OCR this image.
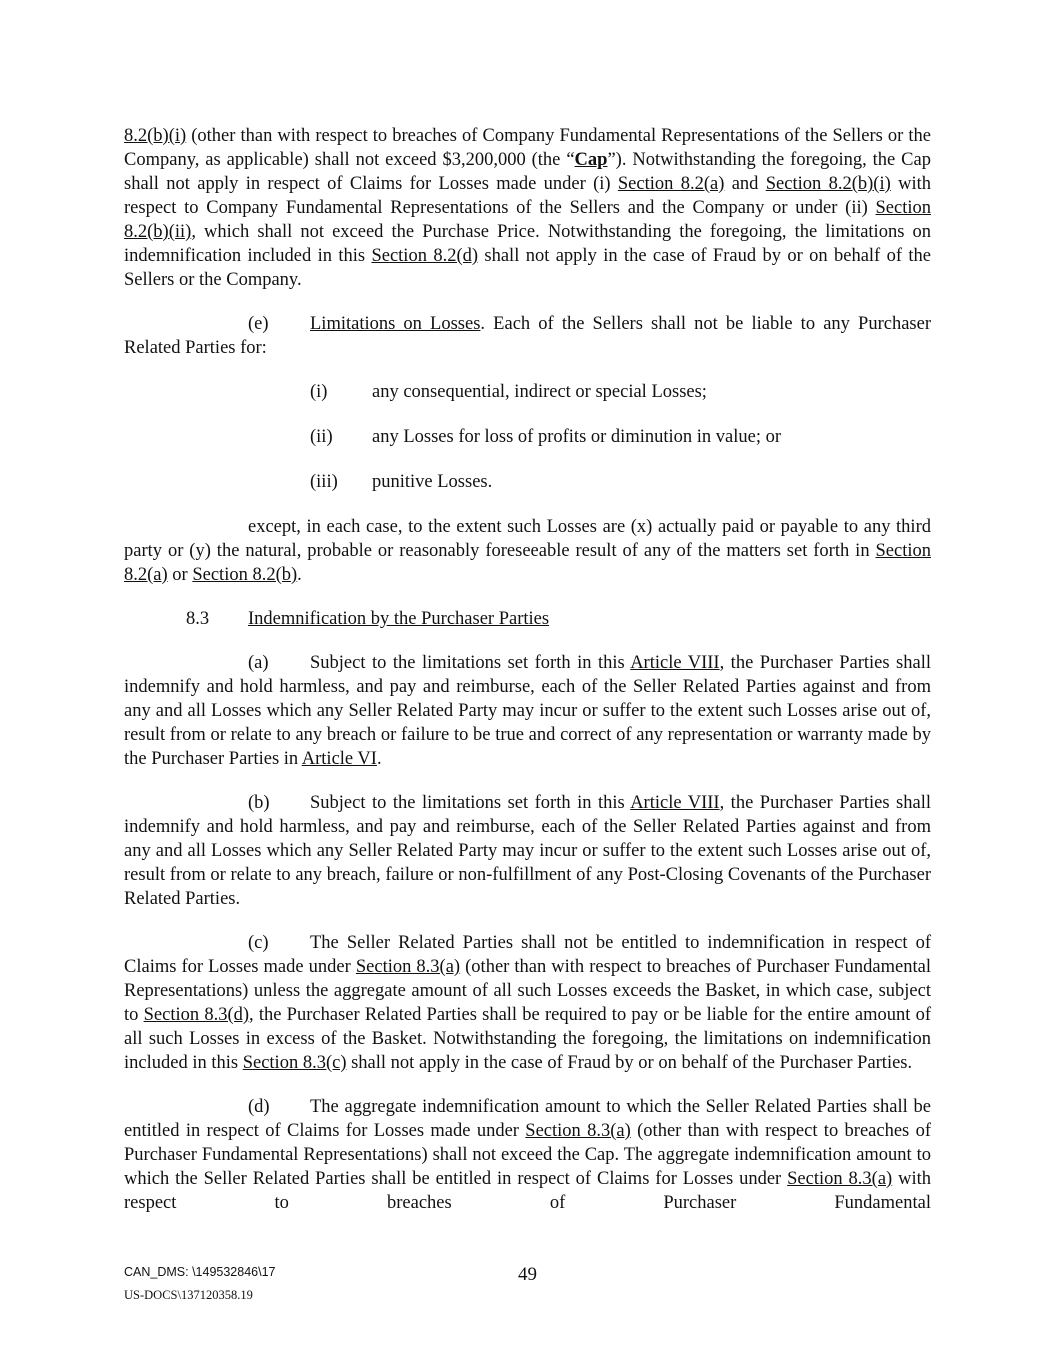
8.2(b)(i) (other than with respect to breaches of Company Fundamental Representations of the Sellers or the Company, as applicable) shall not exceed $3,200,000 (the “Cap”). Notwithstanding the foregoing, the Cap shall not apply in respect of Claims for Losses made under (i) Section 8.2(a) and Section 8.2(b)(i) with respect to Company Fundamental Representations of the Sellers and the Company or under (ii) Section 8.2(b)(ii), which shall not exceed the Purchase Price. Notwithstanding the foregoing, the limitations on indemnification included in this Section 8.2(d) shall not apply in the case of Fraud by or on behalf of the Sellers or the Company.

(e) Limitations on Losses. Each of the Sellers shall not be liable to any Purchaser Related Parties for:

(i) any consequential, indirect or special Losses;

(ii) any Losses for loss of profits or diminution in value; or

(iii) punitive Losses.

except, in each case, to the extent such Losses are (x) actually paid or payable to any third party or (y) the natural, probable or reasonably foreseeable result of any of the matters set forth in Section 8.2(a) or Section 8.2(b).

8.3 Indemnification by the Purchaser Parties

(a) Subject to the limitations set forth in this Article VIII, the Purchaser Parties shall indemnify and hold harmless, and pay and reimburse, each of the Seller Related Parties against and from any and all Losses which any Seller Related Party may incur or suffer to the extent such Losses arise out of, result from or relate to any breach or failure to be true and correct of any representation or warranty made by the Purchaser Parties in Article VI.

(b) Subject to the limitations set forth in this Article VIII, the Purchaser Parties shall indemnify and hold harmless, and pay and reimburse, each of the Seller Related Parties against and from any and all Losses which any Seller Related Party may incur or suffer to the extent such Losses arise out of, result from or relate to any breach, failure or non-fulfillment of any Post-Closing Covenants of the Purchaser Related Parties.

(c) The Seller Related Parties shall not be entitled to indemnification in respect of Claims for Losses made under Section 8.3(a) (other than with respect to breaches of Purchaser Fundamental Representations) unless the aggregate amount of all such Losses exceeds the Basket, in which case, subject to Section 8.3(d), the Purchaser Related Parties shall be required to pay or be liable for the entire amount of all such Losses in excess of the Basket. Notwithstanding the foregoing, the limitations on indemnification included in this Section 8.3(c) shall not apply in the case of Fraud by or on behalf of the Purchaser Parties.

(d) The aggregate indemnification amount to which the Seller Related Parties shall be entitled in respect of Claims for Losses made under Section 8.3(a) (other than with respect to breaches of Purchaser Fundamental Representations) shall not exceed the Cap. The aggregate indemnification amount to which the Seller Related Parties shall be entitled in respect of Claims for Losses under Section 8.3(a) with respect to breaches of Purchaser Fundamental

CAN_DMS: \149532846\17
US-DOCS\137120358.19
49
